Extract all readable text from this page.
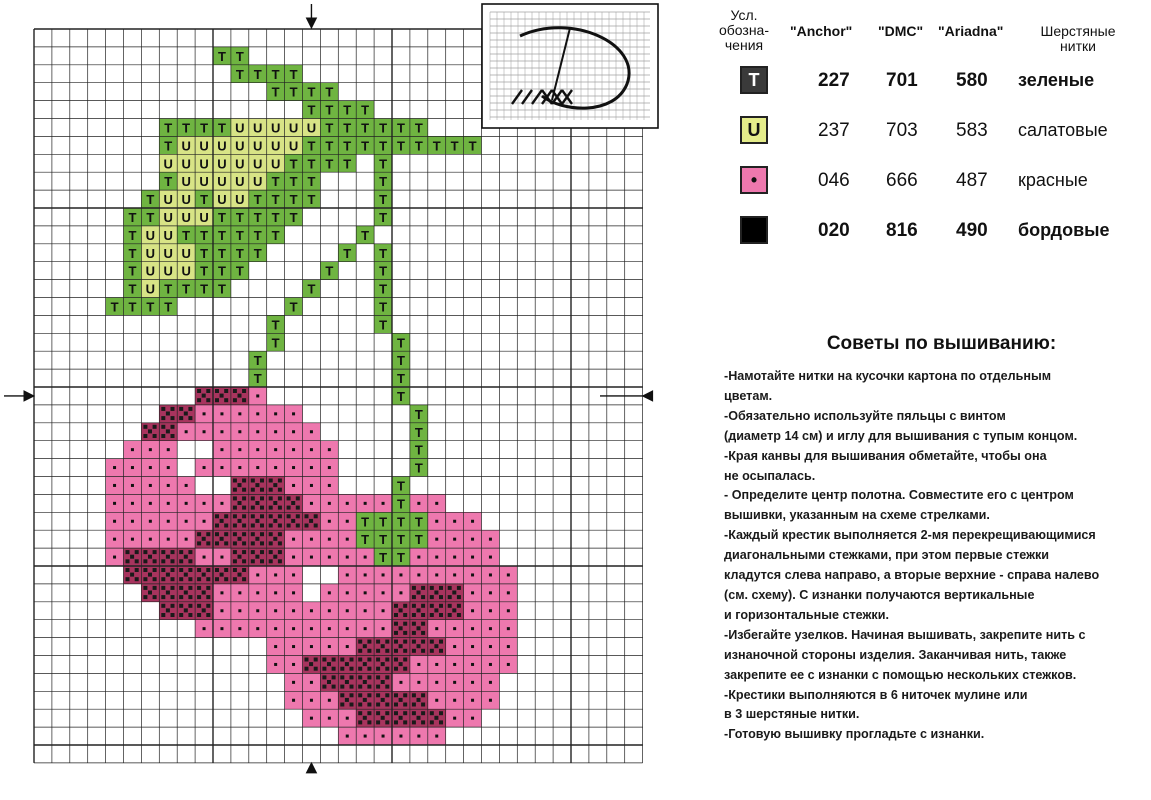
T T
T T T T
T T T T
T T T T
T T T T U U U U U T T T T T T
T U U U U U U U T T T T T T T T T T
U U U U U U U T T T T T
T U U U U U T T T	T
T U U T U U T T T T	T
T T U U U T T T T T	T
T U U T T T T T T	T
T U U U T T T T	T
T U U U T T T	T
T U T T T T	T
T T T T	T
T
T
T
T
T
T
T
T
T
T
T
T
T
T
T
T
T
T
T
T T T T
T T T T
T T
Усл.
обозна-
чения
"Anchor" "DMC" "Ariadna"	Шерстяные
нитки
T	227 701 580 зеленые
U	237 703 583 салатовые
•	046 666 487 красные
020 816 490 бордовые
Советы по вышиванию:
-Намотайте нитки на кусочки картона по отдельным
цветам.
-Обязательно используйте пяльцы с винтом
(диаметр 14 см) и иглу для вышивания с тупым концом.
-Края канвы для вышивания обметайте, чтобы она
не осыпалась.
- Определите центр полотна. Совместите его с центром
вышивки, указанным на схеме стрелками.
-Каждый крестик выполняется 2-мя перекрещивающимися
диагональными стежками, при этом первые стежки
кладутся слева направо, а вторые верхние - справа налево
(см. схему). С изнанки получаются вертикальные
и горизонтальные стежки.
-Избегайте узелков. Начиная вышивать, закрепите нить с
изнаночной стороны изделия. Заканчивая нить, также
закрепите ее с изнанки с помощью нескольких стежков.
-Крестики выполняются в 6 ниточек мулине или
в 3 шерстяные нитки.
-Готовую вышивку прогладьте с изнанки.
